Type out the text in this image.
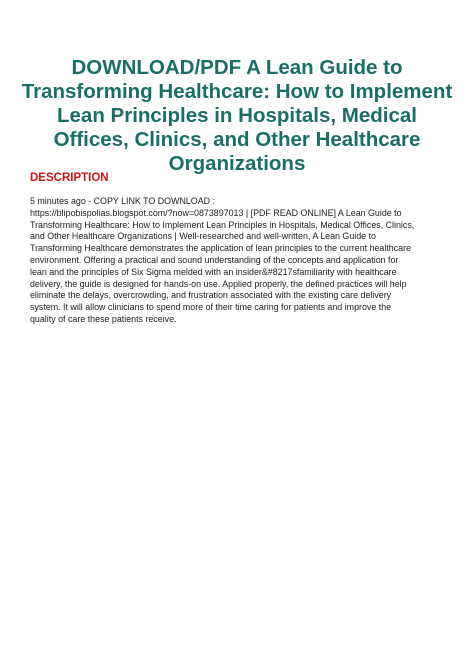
DOWNLOAD/PDF A Lean Guide to Transforming Healthcare: How to Implement Lean Principles in Hospitals, Medical Offices, Clinics, and Other Healthcare Organizations
DESCRIPTION

5 minutes ago - COPY LINK TO DOWNLOAD :
https://blipobispolias.blogspot.com/?now=0873897013 | [PDF READ ONLINE] A Lean Guide to
Transforming Healthcare: How to Implement Lean Principles in Hospitals, Medical Offices, Clinics,
and Other Healthcare Organizations | Well-researched and well-written, A Lean Guide to
Transforming Healthcare demonstrates the application of lean principles to the current healthcare
environment. Offering a practical and sound understanding of the concepts and application for
lean and the principles of Six Sigma melded with an insider&#8217sfamiliarity with healthcare
delivery, the guide is designed for hands-on use. Applied properly, the defined practices will help
eliminate the delays, overcrowding, and frustration associated with the existing care delivery
system. It will allow clinicians to spend more of their time caring for patients and improve the
quality of care these patients receive.
